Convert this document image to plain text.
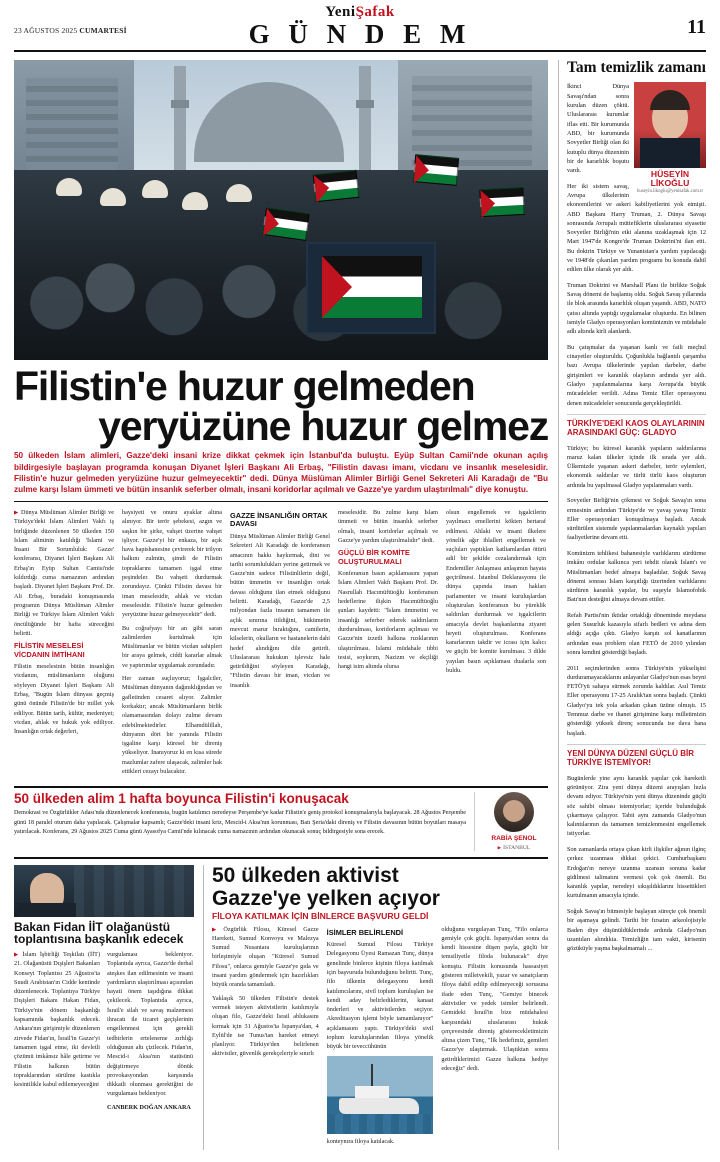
23 AĞUSTOS 2025 CUMARTESİ
YeniŞafak
G Ü N D E M	11
Filistin'e huzur gelmeden
yeryüzüne huzur gelmez
50 ülkeden İslam alimleri, Gazze'deki insani krize dikkat çekmek için İstanbul'da buluştu. Eyüp Sultan Camii'nde okunan açılış bildirgesiyle başlayan programda konuşan Diyanet İşleri Başkanı Ali Erbaş, "Filistin davası imanı, vicdanı ve insanlık meselesidir. Filistin'e huzur gelmeden yeryüzüne huzur gelmeyecektir" dedi. Dünya Müslüman Alimler Birliği Genel Sekreteri Ali Karadağı de "Bu zulme karşı İslam ümmeti ve bütün insanlık seferber olmalı, insani koridorlar açılmalı ve Gazze'ye yardım ulaştırılmalı" diye konuştu.

▶ Dünya Müslüman Alimler Birliği ve Türkiye'deki İslam Alimleri Vakfı iş birliğinde düzenlenen 50 ülkeden 150 İslam aliminin katıldığı 'İslami ve İnsani Bir Sorumluluk: Gazze' konferansı, Diyanet İşleri Başkanı Ali Erbaş'ın Eyüp Sultan Camisi'nde kıldırdığı cuma namazının ardından başladı. Diyanet İşleri Başkanı Prof. Dr. Ali Erbaş, buradaki konuşmasında programın Dünya Müslüman Alimler Birliği ve Türkiye İslam Alimleri Vakfı öncülüğünde bir hafta süreceğini belirtti.

FİLİSTİN MESELESİ VİCDANIN İMTİHANI

Filistin meselesinin bütün insanlığın vicdanını, müslümanların oluğunu söyleyen Diyanet İşleri Başkanı Ali Erbaş, "Bugün İslam dünyası geçmiş günü önünde Filistin'de bir millet yok ediliyor. Bütün tarih, kültür, medeniyet; vicdan, ahlak ve hukuk yok ediliyor. İnsanlığın ortak değerleri,

haysiyeti ve onuru ayaklar altına alınıyor. Bir terör şebekesi, azgın ve saşkın bir şirke, vahşet üzerine vahşet işliyor. Gazze'yi bir enkaza, bir açık hava hapishanesine çevirerek bir trilyon halkını zulmün, şimdi de Filistin topraklarını tamamen işgal etme peşindeler. Bu vahşeti durdurmak zorundayız. Çünkü Filistin davası bir iman meselesidir, ahlak ve vicdan meselesidir. Filistin'e huzur gelmeden yeryüzüne huzur gelmeyecektir" dedi.

Bu coğrafyayı bir an gibi saran zalimlerden kurtulmak için Müslümanlar ve bütün vicdan sahipleri bir araya gelmek, ciddi kararlar almak ve yaptırımlar uygulamak zorundadır.

Her zaman suçluyoruz; İşgalciler, Müslüman dünyanın dağınıklığından ve gafletinden cesaret alıyor. Zalimler korkaktır; ancak Müslümanların birlik olamamasından dolayı zulme devam edebilmektedirler. Elhamdülillah, dünyanın dört bir yanında Filistin işgaline karşı küresel bir direniş yükseliyor. İnanıyoruz ki en kısa sürede mazlumlar zafere ulaşacak, zalimler hak ettikleri cezayı bulacaktır.

GAZZE İNSANLIĞIN ORTAK DAVASI

Dünya Müslüman Alimler Birliği Genel Sekreteri Ali Karadağı de konferansın amacının hakkı haykırmak, dini ve tarihi sorumlulukları yerine getirmek ve Gazze'nin sadece Filistinlilerin değil, bütün ümmetin ve insanlığın ortak davası olduğunu ilan etmek olduğunu belirtti. Karadağı, Gazze'de 2,5 milyondan fazla insanın tamamen ile açlık sınırına itildiğini, hükümetin mevcut marur bıraktığını, camilerin, kilselerin, okulların ve hastanelerin dahi hedef alındığını dile getirdi. Uluslararası hukukun işlevsiz hale getirildiğini söyleyen Karadağı, "Filistin davası bir iman, vicdan ve insanlık

meselesidir. Bu zulme karşı İslam ümmeti ve bütün insanlık seferber olmalı, insani koridorlar açılmalı ve Gazze'ye yardım ulaştırılmalıdır" dedi.

GÜÇLÜ BİR KOMİTE OLUŞTURULMALI

Konferansın basın açıklamasını yapan İslam Alimleri Vakfı Başkanı Prof. Dr. Nasrullah Hacımüftüoğlu konferansın hedeflerine ilişkin Hacımüftüoğlu şunları kaydetti: "İslam ümmetini ve insanlığı seferber ederek saldırıların durdurulması, koridorların açılması ve Gazze'nin izzetli halkına rızıklarının ulaştırılması. İslami müdahale tıbbi tesisi, soykırım, Nazizm ve ekçiliği hangi isim altında olursa

olsun engellemek ve işgalcilerin yayılmacı emellerini kökten bertaraf edilmesi. Ahlaki ve insani ilkelere yönelik ağır ihlalleri engellemek ve suçluları yaptıkları katliamlardan ötürü adil bir şekilde cezalandırmak için Endemiller Anlaşması anlaşımın hayata geçirilmesi. İstanbul Deklarasyonu ile dünya çapında insan hakları parlamenter ve insani kuruluşlardan oluşturulan konferansın bu yüreklik saldırılan durdurmak ve işgalcilerin amacıyla devlet başkanlarına ziyaret heyeti oluşturulması. Konferans kararlarının takdir ve icrası için kalıcı ve güçlü bir komite kurulması. 3 dilde yayılan basın açıklaması dualarla son buldu.

50 ülkeden alim 1 hafta boyunca Filistin'i konuşacak
Demokrasi ve Özgürlükler Adası'nda düzenlenecek konferansta, bugün katılımcı neredeyse Perşembe'ye kadar Filistin'e geniş protokol konuşmalarıyla başlayacak. 28 Ağustos Perşembe günü 18 paralel oturum daha yapılacak. Çalışmalar kapsamlı; Gazze'deki insani kriz, Mescid-i Aksa'nın korunması, Batı Şeria'daki direniş ve Filistin davasının bütün boyutları masaya yatırılacak. Konferans, 29 Ağustos 2025 Cuma günü Ayasofya Camii'nde kılınacak cuma namazının ardından okunacak sonuç bildirgesiyle sona erecek.
RABİA ŞENOL
▶ İSTANBUL
Bakan Fidan İİT olağanüstü toplantısına başkanlık edecek

▶ İslam İşbirliği Teşkilatı (İİT) 21. Olağanüstü Dışişleri Bakanları Konseyi Toplantısı 25 Ağustos'ta Suudi Arabistan'ın Cidde kentinde düzenlenecek. Toplantıya Türkiye Dışişleri Bakanı Hakan Fidan, Türkiye'nin dönem başkanlığı kapsamında başkanlık edecek. Ankara'nın girişimiyle düzenlenen zirvede Fidan'ın, İsrail'in Gazze'yi tamamen işgal etme, iki devletli çözümü imkânsız hâle getirme ve Filistin halkının bütün topraklarından sürülme kastıkla kesintilikle kabul edilemeyeceğini

vurgulaması bekleniyor. Toplantıda ayrıca, Gazze'de derhal ateşkes ilan edilmesinin ve insani yardımların ulaştırılması açısından hayati önem taşıdığına dikkat çekilecek. Toplantıda ayrıca, İsrail'e silah ve savaş malzemesi ihracatı ile ticaret geçişlerinin engellenmesi için gerekli tedbirlerin erteleneme zırhlığı olduğunun altı çizilecek. Fidan'ın, Mescid-i Aksa'nın statüsünü değiştirmeye dönük provokasyondan karşısında dikkatli olunması gerektiğini de vurgulaması bekleniyor.

CANBERK DOĞAN ANKARA

50 ülkeden aktivist
Gazze'ye yelken açıyor
FİLOYA KATILMAK İÇİN BİNLERCE BAŞVURU GELDİ

▶ Özgürlük Filosu, Küresel Gazze Hareketi, Sumud Konvoyu ve Malezya Sumud Nusantara kuruluşlarının birleşimiyle oluşan "Küresel Sumud Filosu", onlarca gemiyle Gazze'ye gıda ve insani yardım göndermek için hazırlıkları büyük oranda tamamladı.

Yaklaşık 50 ülkeden Filistin'e destek vermek isteyen aktivistlerin katılımıyla oluşan filo, Gazze'deki İsrail ablukasını kırmak için 31 Ağustos'ta İspanya'dan, 4 Eylül'de ise Tunus'tan hareket etmeyi planlıyor. Türkiye'den belirlenen aktivistler, güvenlik gerekçeleriyle sınırlı

İSİMLER BELİRLENDİ

Küresel Sumud Filosu Türkiye Delegasyonu Üyesi Ramazan Tunç, dünya genelinde binlerce kişinin filoya katılmak için başvuruda bulunduğunu belirtti. Tunç, filo ülkenin delegasyonu kendi katılımcılarını, sivil toplum kuruluşları ise kendi aday belirlediklerini, kanaat önderleri ve aktivistlerden seçiyor. Akreditasyon işlemi böyle tamamlanıyor" açıklamasını yaptı. Türkiye'deki sivil toplum kuruluşlarından filoya yönelik büyük bir teveccühünün

konteynıra filoya katılacak.

olduğunu vurgulayan Tunç, "Filo onlarca gemiyle çok güçlü. İspanya'dan sonra da kendi hissesine düşen payla, güçlü bir temsiliyetle filoda bulunacak" diye konuştu. Filistin konusunda hassasiyet gösteren milletvekili, yazar ve sanatçıların filoya dahil edilip edilmeyeceği sorusuna ifade eden Tunç, "Gemiye binecek aktivistler ve yedek isimler belirlendi. Gemideki İsrail'in bize müdahalesi karşısındaki uluslararası hukuk çerçevesinde direniş gösterecekletimizin altına çizen Tunç, "İlk hedefimiz, gemileri Gazze'ye ulaştırmak. Ulaştıktan sonra getirdiklerimizi Gazze halkına hediye edeceğiz" dedi.

Tam temizlik zamanı
HÜSEYİN LİKOĞLU
huseyin.likoglu@yenisafak.com.tr

İkinci Dünya Savaşı'ndan sonra kurulan düzen çöktü. Uluslararası kurumlar iflas etti. Bir kurumunda ABD, bir kurumunda Sovyetler Birliği olan iki kutuplu dünya düzeninin bir de kararlılık boşutu vardı.

Her iki sistem savaş, Avrupa ülkelerinin ekonomilerini ve askeri kabiliyetlerini yok etmişti. ABD Başkanı Harry Truman, 2. Dünya Savaşı sonrasında Avrupalı müttefiklerin uluslararası siyasette Sovyetler Birliği'nin etki alanına uzaklaşmak için 12 Mart 1947'de Kongre'de Truman Doktrini'ni ilan etti. Bu doktrin Türkiye ve Yunanistan'a yardım yapılacağı ve 1948'de çıkarılan yardım programı bu konuda dahil edilen ülke olarak yer aldı.

Truman Doktrini ve Marshall Planı ile birlikte Soğuk Savaş dönemi de başlamış oldu. Soğuk Savaş yıllarında ile blok arasında kararlılık oluşan yaşandı. ABD, NATO çatısı altında yaptığı uygulamalar oluşturdu. En bilinen ismiyle Gladyo operasyonları komünizmin ve müdahale adlı altında kirli alanlardı.

Bu çatışmalar da yaşanan kanlı ve faili meçhul cinayetler oluşturuldu. Çoğunlukla bağlantılı çarşamba bazı Avrupa ülkelerinde yapılan darbeler, darbe girişimleri ve karanlık olayların ardında yer aldı. Gladyo yapılanmalarına karşı Avrupa'da büyük mücadeleler verildi. Adına Temiz Eller operasyonu denen mücadeleler sonucunda gerçekleştirildi.

TÜRKİYE'DEKİ KAOS OLAYLARININ ARASINDAKİ GÜÇ: GLADYO

Türkiye; bu küresel karanlık yapıların saldırılarına maruz kalan ülkeler içinde ilk sırada yer aldı. Ülkemizde yaşanan askeri darbeler, terör eylemleri, ekonomik saldırılar ve türlü türlü kaos oluşturun ardında bu yapılmasal Gladyo yapılanmaları vardı.

Sovyetler Birliği'nin çökmesi ve Soğuk Savaş'ın sona ermesinin ardından Türkiye'de ve yavaş yavaş Temiz Eller operasyonları konuşulmaya başladı. Ancak sürdürülen sistemde yapılanmalardan kaynaklı yapıları faaliyetlerine devam etti.

Komünizm tehlikesi bahanesiyle varlıklarını sürdürme imkânı ordular kalkınca yeri tehdit olarak İslam'ı ve Müslümanları hedef almaya başladılar. Soğuk Savaş dönemi sonrası İslam karşıtlığı üzerinden varlıklarını sürdüren karanlık yapılar, bu suşeyle İslamofobik Batı'nın desteğini almaya devam ettiler.

Refah Partisi'nin iktidar ortaklığı döneminde meydana gelen Susurluk kazasıyla sifarlı bedleri ve adına dem aldığı açığa çıktı. Gladyo karşıtı sol kanatlarının ardından esas problem olan FETÖ de 2010 yılından sonra kendini gösterdiği başladı.

2011 seçimlerinden sonra Türkiye'nin yükselişini durduramayacaklarını anlayanlar Gladyo'nun esas beyni FETÖ'yü sahaya sürmek zorunda kaldılar. Asıl Temiz Eller operasyonu 17-25 Aralık'tan sonra başladı. Çünkü Gladyo'yu tek yola arkadan çıkan üzüne olmıştı. 15 Temmuz darbe ve ihanet girişimine karşı milletimizin gösterdiği yüksek direnç sonucunda ise dava bana başladı.

YENİ DÜNYA DÜZENİ GÜÇLÜ BİR TÜRKİYE İSTEMİYOR!

Bugünlerde yine aynı karanlık yapılar çok hareketli görünüyor. Zira yeni dünya düzeni arayışları hızla devam ediyor. Türkiye'nin yeni dünya düzeninde güçlü söz sahibi olması istemiyorlar; içeride bulunduğuk çıkarmaya çalışıyor. Tabii aynı zamanda Gladyo'nun kalıntılarının da tamamen temizlenmesini engellemek istiyorlar.

Son zamanlarda ortaya çıkan kirli ilişkiler ağının ilginç çerkez uzanması dikkat çekici. Cumhurbaşkanı Erdoğan'ın nereye uzanma uzansın sonuna kadar gidilmesi talimatını vermesi çok çok önemli. Bu karanlık yapılar, neredeyi sıkışıldıklarını hissettikleri kurtulmanın amacıyla içinde.

Soğuk Savaş'ın bitmesiyle başlayan süreçte çok önemli bir aşamaya gelindi. Tarihi bir fırsatın arkeolojisiyle Baden diye düşünüldüklerinde ardında Gladyo'nun uzantıları alındıkta. Temizliğin tam vakti, kirisenin gözüküyle yaşma başkalmamalı ...
